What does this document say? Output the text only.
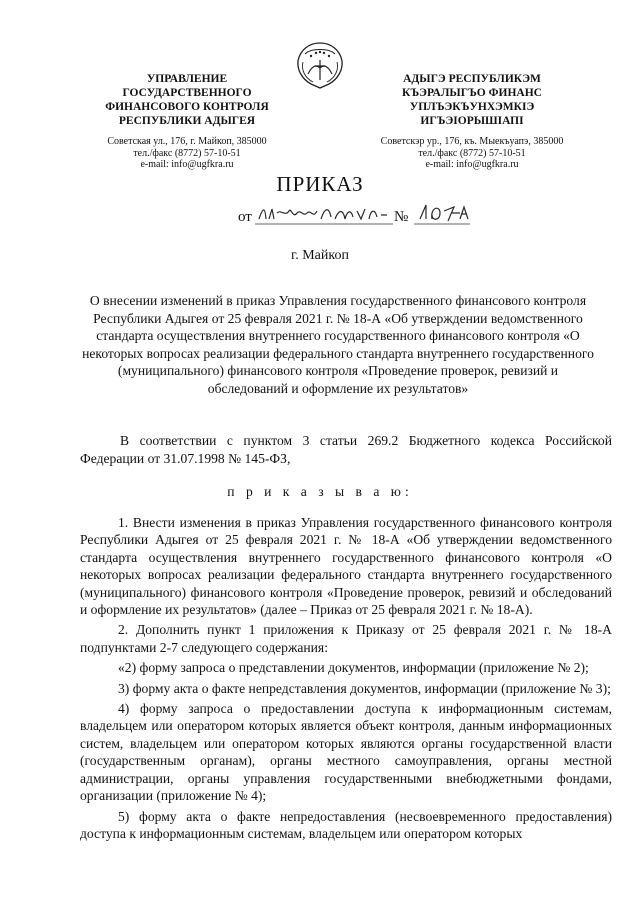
УПРАВЛЕНИЕ
ГОСУДАРСТВЕННОГО
ФИНАНСОВОГО КОНТРОЛЯ
РЕСПУБЛИКИ АДЫГЕЯ
Советская ул., 176, г. Майкоп, 385000
тел./факс (8772) 57-10-51
e-mail: info@ugfkra.ru
АДЫГЭ РЕСПУБЛИКЭМ
КЪЭРАЛЫГЪО ФИНАНС
УПЛЪЭКЪУНХЭМКIЭ
ИГЪЭIОРЫШIАПI
Советскэр ур., 176, къ. Мыекъуапэ, 385000
тел./факс (8772) 57-10-51
e-mail: info@ugfkra.ru
ПРИКАЗ
от	№
г. Майкоп
О внесении изменений в приказ Управления государственного финансового контроля Республики Адыгея от 25 февраля 2021 г. № 18-А «Об утверждении ведомственного стандарта осуществления внутреннего государственного финансового контроля «О некоторых вопросах реализации федерального стандарта внутреннего государственного (муниципального) финансового контроля «Проведение проверок, ревизий и обследований и оформление их результатов»
В соответствии с пунктом 3 статьи 269.2 Бюджетного кодекса Российской Федерации от 31.07.1998 № 145-ФЗ,
п р и к а з ы в а ю:

1. Внести изменения в приказ Управления государственного финансового контроля Республики Адыгея от 25 февраля 2021 г. № 18-А «Об утверждении ведомственного стандарта осуществления внутреннего государственного финансового контроля «О некоторых вопросах реализации федерального стандарта внутреннего государственного (муниципального) финансового контроля «Проведение проверок, ревизий и обследований и оформление их результатов» (далее – Приказ от 25 февраля 2021 г. № 18-А).

2. Дополнить пункт 1 приложения к Приказу от 25 февраля 2021 г. № 18-А подпунктами 2-7 следующего содержания:

«2) форму запроса о представлении документов, информации (приложение № 2);

3) форму акта о факте непредставления документов, информации (приложение № 3);

4) форму запроса о предоставлении доступа к информационным системам, владельцем или оператором которых является объект контроля, данным информационных систем, владельцем или оператором которых являются органы государственной власти (государственным органам), органы местного самоуправления, органы местной администрации, органы управления государственными внебюджетными фондами, организации (приложение № 4);

5) форму акта о факте непредоставления (несвоевременного предоставления) доступа к информационным системам, владельцем или оператором которых
